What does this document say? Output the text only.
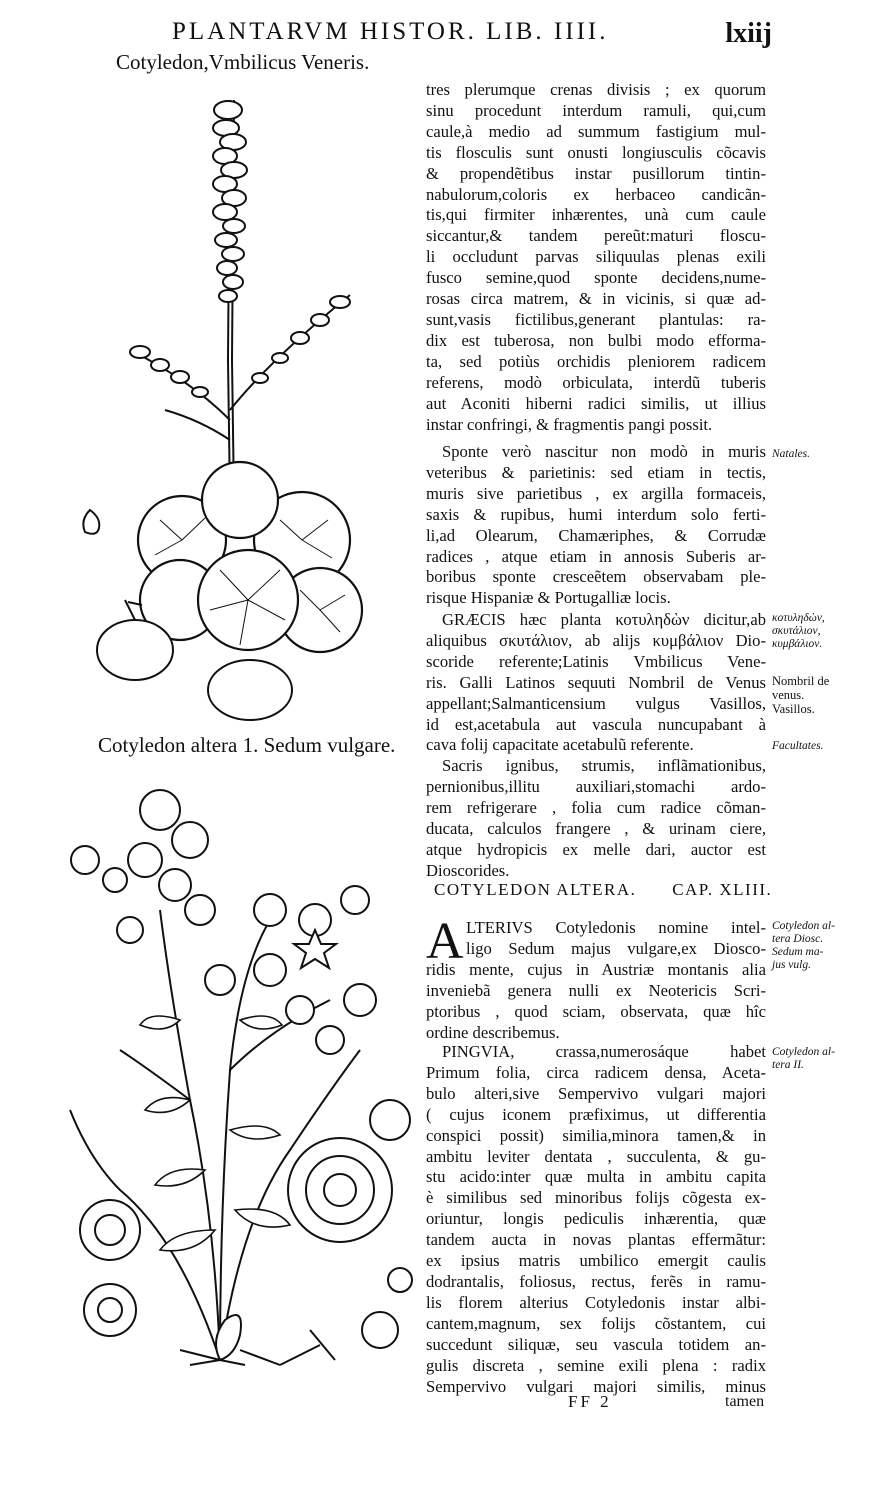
PLANTARVM HISTOR. LIB. IIII.	lxiij
Cotyledon,Vmbilicus Veneris.
Cotyledon altera 1. Sedum vulgare.

tres plerumque crenas divisis ; ex quorum

sinu procedunt interdum ramuli, qui,cum

caule,à medio ad summum fastigium mul-

tis flosculis sunt onusti longiusculis cõcavis

& propendẽtibus instar pusillorum tintin-

nabulorum,coloris ex herbaceo candicãn-

tis,qui firmiter inhærentes, unà cum caule

siccantur,& tandem pereũt:maturi floscu-

li occludunt parvas siliquulas plenas exili

fusco semine,quod sponte decidens,nume-

rosas circa matrem, & in vicinis, si quæ ad-

sunt,vasis fictilibus,generant plantulas: ra-

dix est tuberosa, non bulbi modo efforma-

ta, sed potiùs orchidis pleniorem radicem

referens, modò orbiculata, interdũ tuberis

aut Aconiti hiberni radici similis, ut illius

instar confringi, & fragmentis pangi possit.

Sponte verò nascitur non modò in muris

veteribus & parietinis: sed etiam in tectis,

muris sive parietibus , ex argilla formaceis,

saxis & rupibus, humi interdum solo ferti-

li,ad Olearum, Chamæriphes, & Corrudæ

radices , atque etiam in annosis Suberis ar-

boribus sponte cresceẽtem observabam ple-

risque Hispaniæ & Portugalliæ locis.

GRÆCIS hæc planta κοτυληδὼν dicitur,ab

aliquibus σκυτάλιον, ab alijs κυμβάλιον Dio-

scoride referente;Latinis Vmbilicus Vene-

ris. Galli Latinos sequuti Nombril de Venus

appellant;Salmanticensium vulgus Vasillos,

id est,acetabula aut vascula nuncupabant à

cava folij capacitate acetabulũ referente.

Sacris ignibus, strumis, inflãmationibus,

pernionibus,illitu auxiliari,stomachi ardo-

rem refrigerare , folia cum radice cõman-

ducata, calculos frangere , & urinam ciere,

atque hydropicis ex melle dari, auctor est

Dioscorides.

COTYLEDON ALTERA. CAP. XLIII.
A LTERIVS Cotyledonis nomine intel-

ligo Sedum majus vulgare,ex Diosco-

ridis mente, cujus in Austriæ montanis alia

inveniebã genera nulli ex Neotericis Scri-

ptoribus , quod sciam, observata, quæ hîc

ordine describemus.

PINGVIA, crassa,numerosáque habet

Primum folia, circa radicem densa, Aceta-

bulo alteri,sive Sempervivo vulgari majori

( cujus iconem præfiximus, ut differentia

conspici possit) similia,minora tamen,& in

ambitu leviter dentata , succulenta, & gu-

stu acido:inter quæ multa in ambitu capita

è similibus sed minoribus folijs cõgesta ex-

oriuntur, longis pediculis inhærentia, quæ

tandem aucta in novas plantas effermãtur:

ex ipsius matris umbilico emergit caulis

dodrantalis, foliosus, rectus, ferẽs in ramu-

lis florem alterius Cotyledonis instar albi-

cantem,magnum, sex folijs cõstantem, cui

succedunt siliquæ, seu vascula totidem an-

gulis discreta , semine exili plena : radix

Sempervivo vulgari majori similis, minus

Natales.
κοτυληδὼν,
σκυτάλιον,
κυμβάλιον.
Nombril de
venus.
Vasillos.
Facultates.
Cotyledon al-
tera Diosc.
Sedum ma-
jus vulg.
Cotyledon al-
tera II.
FF 2	tamen
